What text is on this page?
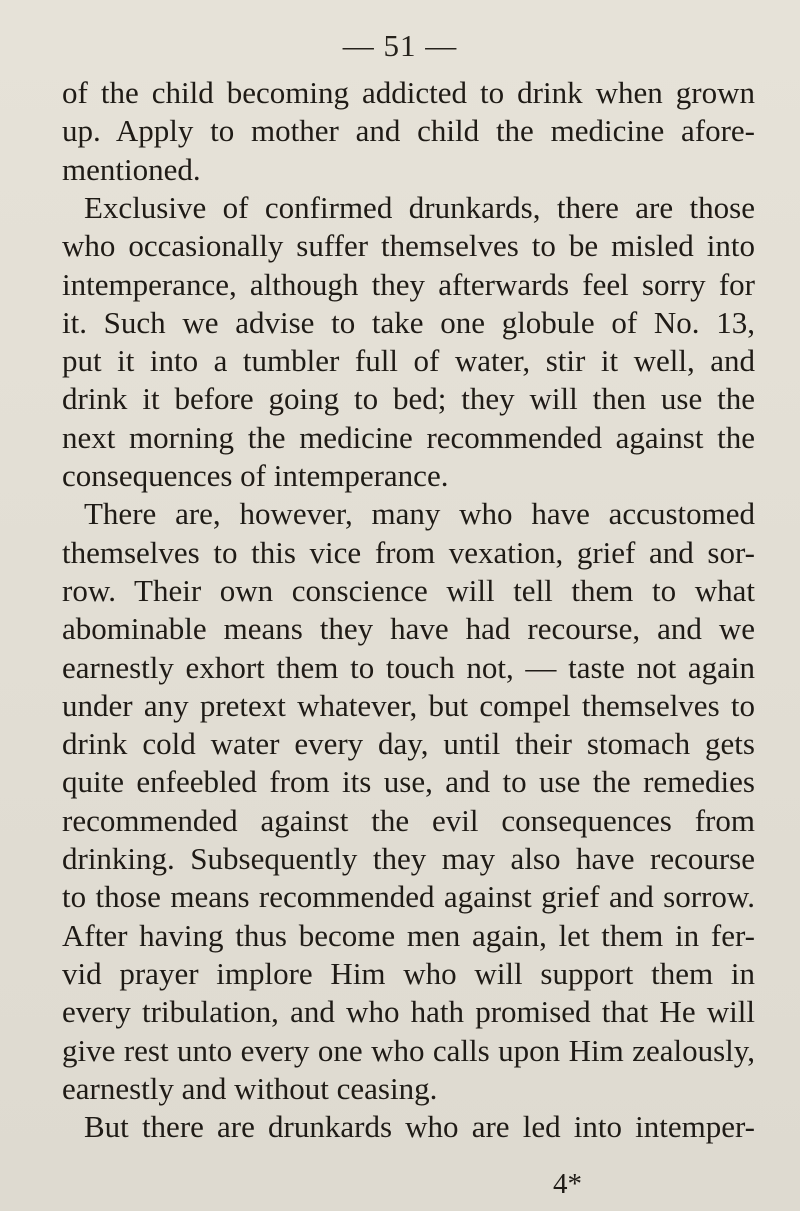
— 51 —
of the child becoming addicted to drink when grown
up. Apply to mother and child the medicine afore-
mentioned.
Exclusive of confirmed drunkards, there are those
who occasionally suffer themselves to be misled into
intemperance, although they afterwards feel sorry for
it. Such we advise to take one globule of No. 13,
put it into a tumbler full of water, stir it well, and
drink it before going to bed; they will then use the
next morning the medicine recommended against the
consequences of intemperance.
There are, however, many who have accustomed
themselves to this vice from vexation, grief and sor-
row. Their own conscience will tell them to what
abominable means they have had recourse, and we
earnestly exhort them to touch not, — taste not again
under any pretext whatever, but compel themselves to
drink cold water every day, until their stomach gets
quite enfeebled from its use, and to use the remedies
recommended against the evil consequences from
drinking. Subsequently they may also have recourse
to those means recommended against grief and sorrow.
After having thus become men again, let them in fer-
vid prayer implore Him who will support them in
every tribulation, and who hath promised that He will
give rest unto every one who calls upon Him zealously,
earnestly and without ceasing.
But there are drunkards who are led into intemper-
4*
